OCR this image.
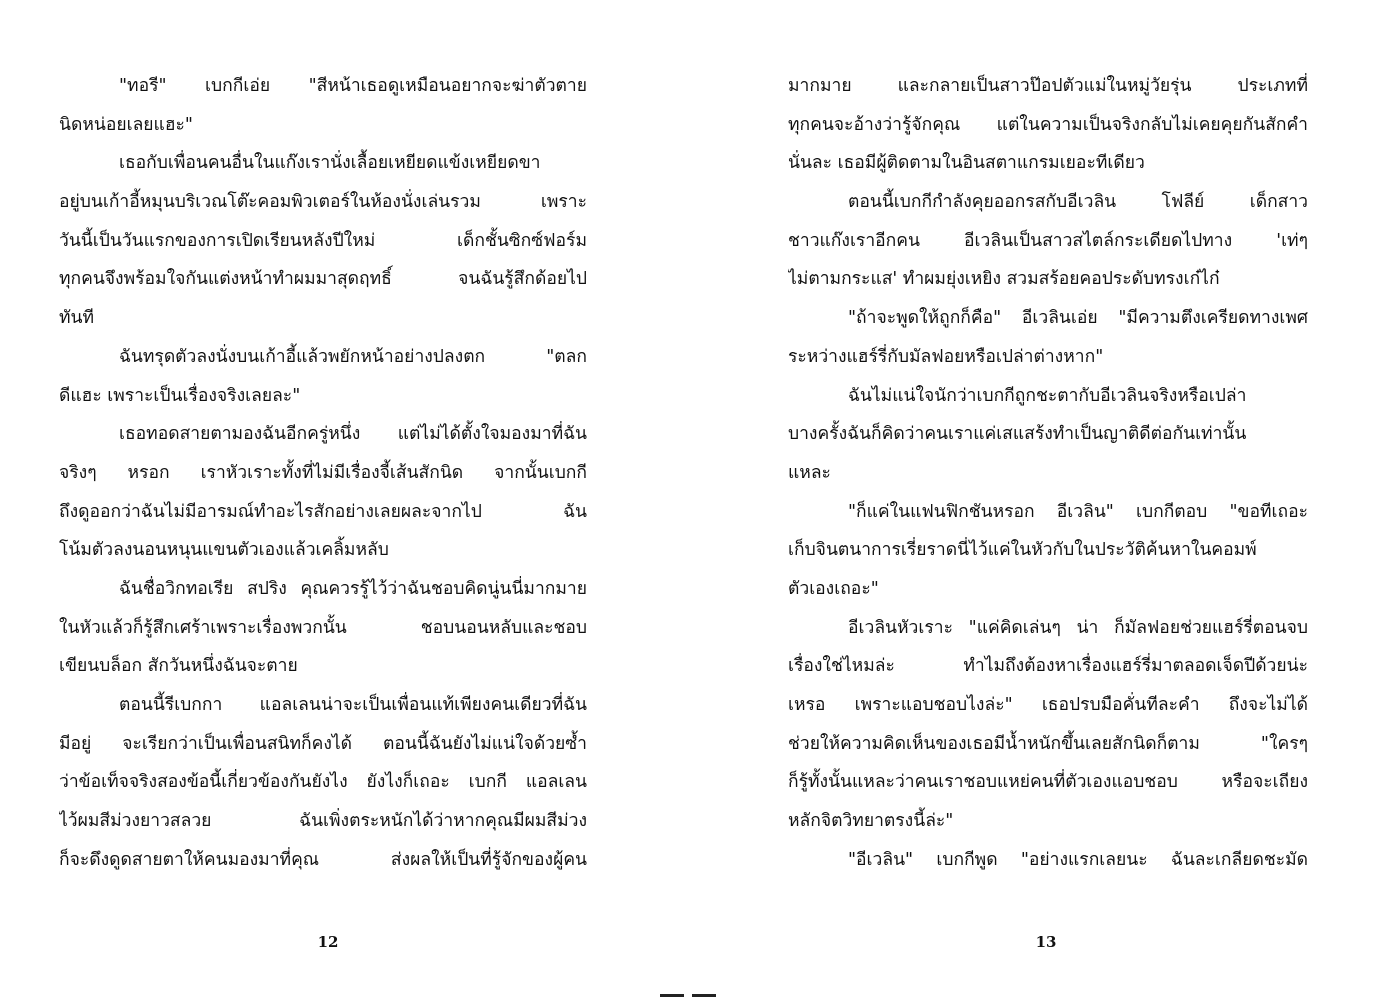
"ทอรี" เบกกีเอ่ย "สีหน้าเธอดูเหมือนอยากจะฆ่าตัวตาย
นิดหน่อยเลยแฮะ"
เธอกับเพื่อนคนอื่นในแก๊งเรานั่งเลื้อยเหยียดแข้งเหยียดขา
อยู่บนเก้าอี้หมุนบริเวณโต๊ะคอมพิวเตอร์ในห้องนั่งเล่นรวม เพราะ
วันนี้เป็นวันแรกของการเปิดเรียนหลังปีใหม่ เด็กชั้นซิกซ์ฟอร์ม
ทุกคนจึงพร้อมใจกันแต่งหน้าทำผมมาสุดฤทธิ์ จนฉันรู้สึกด้อยไป
ทันที
ฉันทรุดตัวลงนั่งบนเก้าอี้แล้วพยักหน้าอย่างปลงตก "ตลก
ดีแฮะ เพราะเป็นเรื่องจริงเลยละ"
เธอทอดสายตามองฉันอีกครู่หนึ่ง แต่ไม่ได้ตั้งใจมองมาที่ฉัน
จริงๆ หรอก เราหัวเราะทั้งที่ไม่มีเรื่องจี้เส้นสักนิด จากนั้นเบกกี
ถึงดูออกว่าฉันไม่มีอารมณ์ทำอะไรสักอย่างเลยผละจากไป ฉัน
โน้มตัวลงนอนหนุนแขนตัวเองแล้วเคลิ้มหลับ
ฉันชื่อวิกทอเรีย สปริง คุณควรรู้ไว้ว่าฉันชอบคิดนู่นนี่มากมาย
ในหัวแล้วก็รู้สึกเศร้าเพราะเรื่องพวกนั้น ชอบนอนหลับและชอบ
เขียนบล็อก สักวันหนึ่งฉันจะตาย
ตอนนี้รีเบกกา แอลเลนน่าจะเป็นเพื่อนแท้เพียงคนเดียวที่ฉัน
มีอยู่ จะเรียกว่าเป็นเพื่อนสนิทก็คงได้ ตอนนี้ฉันยังไม่แน่ใจด้วยซ้ำ
ว่าข้อเท็จจริงสองข้อนี้เกี่ยวข้องกันยังไง ยังไงก็เถอะ เบกกี แอลเลน
ไว้ผมสีม่วงยาวสลวย ฉันเพิ่งตระหนักได้ว่าหากคุณมีผมสีม่วง
ก็จะดึงดูดสายตาให้คนมองมาที่คุณ ส่งผลให้เป็นที่รู้จักของผู้คน
12
มากมาย และกลายเป็นสาวป๊อปตัวแม่ในหมู่วัยรุ่น ประเภทที่
ทุกคนจะอ้างว่ารู้จักคุณ แต่ในความเป็นจริงกลับไม่เคยคุยกันสักคำ
นั่นละ เธอมีผู้ติดตามในอินสตาแกรมเยอะทีเดียว
ตอนนี้เบกกีกำลังคุยออกรสกับอีเวลิน โฟลีย์ เด็กสาว
ชาวแก๊งเราอีกคน อีเวลินเป็นสาวสไตล์กระเดียดไปทาง 'เท่ๆ
ไม่ตามกระแส' ทำผมยุ่งเหยิง สวมสร้อยคอประดับทรงเก๋ไก๋
"ถ้าจะพูดให้ถูกก็คือ" อีเวลินเอ่ย "มีความตึงเครียดทางเพศ
ระหว่างแฮร์รี่กับมัลฟอยหรือเปล่าต่างหาก"
ฉันไม่แน่ใจนักว่าเบกกีถูกชะตากับอีเวลินจริงหรือเปล่า
บางครั้งฉันก็คิดว่าคนเราแค่เสแสร้งทำเป็นญาติดีต่อกันเท่านั้น
แหละ
"ก็แค่ในแฟนฟิกชันหรอก อีเวลิน" เบกกีตอบ "ขอทีเถอะ
เก็บจินตนาการเรี่ยราดนี่ไว้แค่ในหัวกับในประวัติค้นหาในคอมพ์
ตัวเองเถอะ"
อีเวลินหัวเราะ "แค่คิดเล่นๆ น่า ก็มัลฟอยช่วยแฮร์รี่ตอนจบ
เรื่องใช่ไหมล่ะ ทำไมถึงต้องหาเรื่องแฮร์รี่มาตลอดเจ็ดปีด้วยน่ะ
เหรอ เพราะแอบชอบไงล่ะ" เธอปรบมือคั่นทีละคำ ถึงจะไม่ได้
ช่วยให้ความคิดเห็นของเธอมีน้ำหนักขึ้นเลยสักนิดก็ตาม "ใครๆ
ก็รู้ทั้งนั้นแหละว่าคนเราชอบแหย่คนที่ตัวเองแอบชอบ หรือจะเถียง
หลักจิตวิทยาตรงนี้ล่ะ"
"อีเวลิน" เบกกีพูด "อย่างแรกเลยนะ ฉันละเกลียดชะมัด
13
